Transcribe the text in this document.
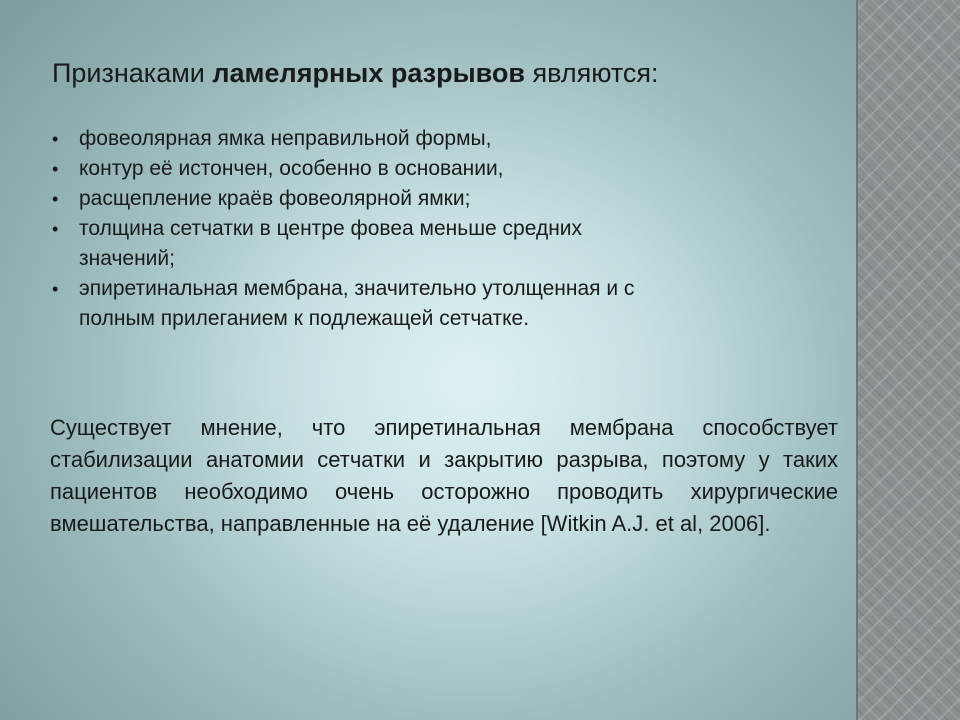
Признаками ламелярных разрывов являются:
• фовеолярная ямка неправильной формы,
• контур её истончен, особенно в основании,
• расщепление краёв фовеолярной ямки;
• толщина сетчатки в центре фовеа меньше средних
значений;
• эпиретинальная мембрана, значительно утолщенная и с
полным прилеганием к подлежащей сетчатке.
Существует мнение, что эпиретинальная мембрана способствует стабилизации анатомии сетчатки и закрытию разрыва, поэтому у таких пациентов необходимо очень осторожно проводить хирургические вмешательства, направленные на её удаление [Witkin A.J. et al, 2006].
